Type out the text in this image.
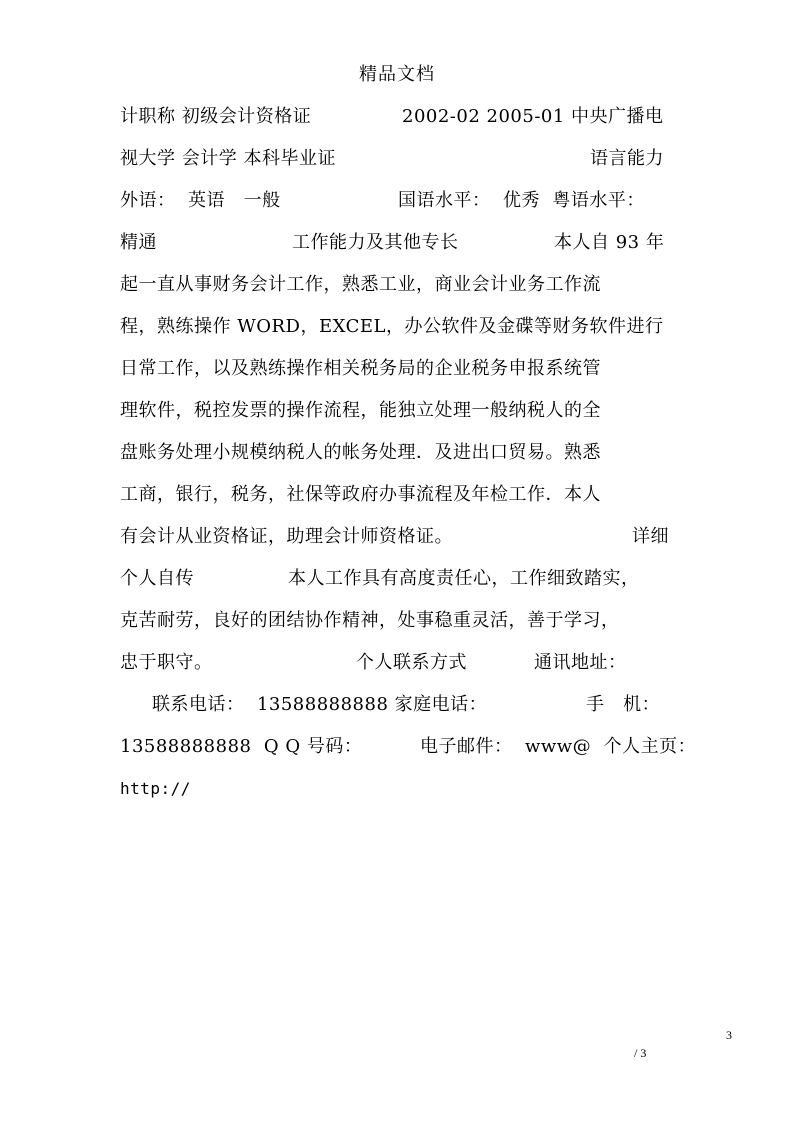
精品文档

计职称 初级会计资格证

	2002-02 2005-01 中央广播电

视大学 会计学 本科毕业证

	语言能力

外语：  英语   一般

	国语水平：  优秀  粤语水平：

精通

	工作能力及其他专长

	本人自 93 年

起一直从事财务会计工作，熟悉工业，商业会计业务工作流

程，熟练操作 WORD，EXCEL，办公软件及金碟等财务软件进行

日常工作，以及熟练操作相关税务局的企业税务申报系统管

理软件，税控发票的操作流程，能独立处理一般纳税人的全

盘账务处理小规模纳税人的帐务处理．及进出口贸易。熟悉

工商，银行，税务，社保等政府办事流程及年检工作．本人

有会计从业资格证，助理会计师资格证。

	详细

个人自传

	本人工作具有高度责任心，工作细致踏实，

克苦耐劳，良好的团结协作精神，处事稳重灵活，善于学习，

忠于职守。

	个人联系方式

	通讯地址：

联系电话：  13588888888 家庭电话：

	手   机：

13588888888  Q Q 号码：

	电子邮件：  www@  个人主页：

http://

3
/ 3
